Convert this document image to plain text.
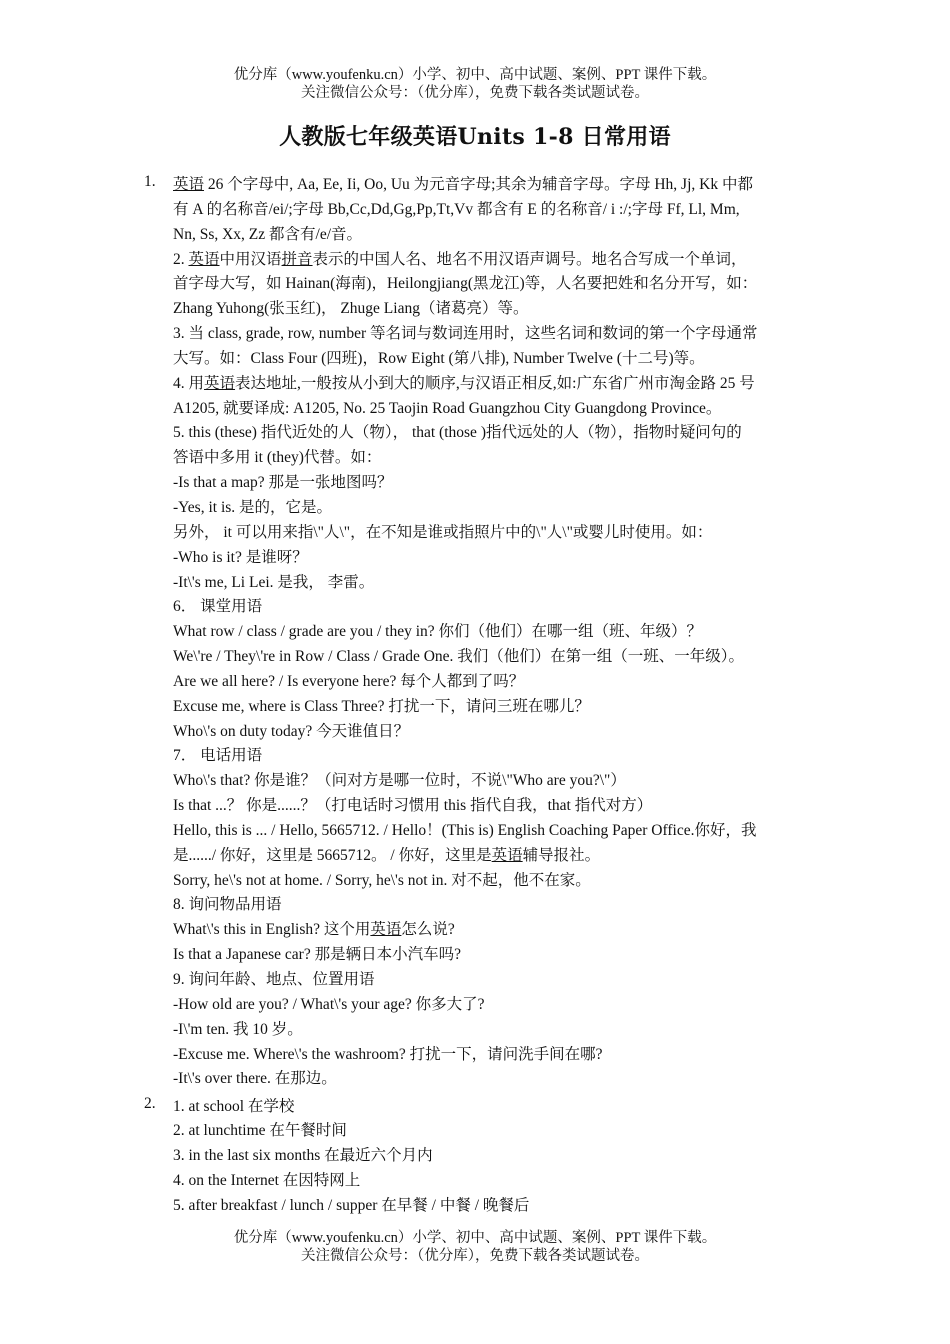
优分库（www.youfenku.cn）小学、初中、高中试题、案例、PPT 课件下载。
关注微信公众号：（优分库），免费下载各类试题试卷。
人教版七年级英语Units 1-8 日常用语
1.	英语 26 个字母中, Aa, Ee, Ii, Oo, Uu 为元音字母;其余为辅音字母。字母 Hh, Jj, Kk 中都
有 A 的名称音/ei/;字母 Bb,Cc,Dd,Gg,Pp,Tt,Vv 都含有 E 的名称音/ i :/;字母 Ff, Ll, Mm,
Nn, Ss, Xx, Zz 都含有/e/音。
2. 英语中用汉语拼音表示的中国人名、地名不用汉语声调号。地名合写成一个单词，
首字母大写，如 Hainan(海南)，Heilongjiang(黑龙江)等，人名要把姓和名分开写，如：
Zhang Yuhong(张玉红)， Zhuge Liang（诸葛亮）等。
3. 当 class, grade, row, number 等名词与数词连用时，这些名词和数词的第一个字母通常
大写。如：Class Four (四班)，Row Eight (第八排), Number Twelve (十二号)等。
4. 用英语表达地址,一般按从小到大的顺序,与汉语正相反,如:广东省广州市淘金路 25 号
A1205, 就要译成: A1205, No. 25 Taojin Road Guangzhou City Guangdong Province。
5. this (these) 指代近处的人（物）， that (those )指代远处的人（物），指物时疑问句的
答语中多用 it (they)代替。如：
-Is that a map? 那是一张地图吗？
-Yes, it is. 是的，它是。
另外， it 可以用来指\"人\"，在不知是谁或指照片中的\"人\"或婴儿时使用。如：
-Who is it? 是谁呀？
-It\'s me, Li Lei. 是我， 李雷。
6． 课堂用语
What row / class / grade are you / they in? 你们（他们）在哪一组（班、年级）？
We\'re / They\'re in Row / Class / Grade One. 我们（他们）在第一组（一班、一年级）。
Are we all here? / Is everyone here? 每个人都到了吗？
Excuse me, where is Class Three? 打扰一下，请问三班在哪儿？
Who\'s on duty today? 今天谁值日？
7． 电话用语
Who\'s that? 你是谁？（问对方是哪一位时，不说\"Who are you?\"）
Is that ...？ 你是......？（打电话时习惯用 this 指代自我，that 指代对方）
Hello, this is ... / Hello, 5665712. / Hello！(This is) English Coaching Paper Office.你好，我
是....../ 你好，这里是 5665712。 / 你好，这里是英语辅导报社。
Sorry, he\'s not at home. / Sorry, he\'s not in. 对不起，他不在家。
8. 询问物品用语
What\'s this in English? 这个用英语怎么说?
Is that a Japanese car? 那是辆日本小汽车吗?
9. 询问年龄、地点、位置用语
-How old are you? / What\'s your age? 你多大了?
-I\'m ten. 我 10 岁。
-Excuse me. Where\'s the washroom? 打扰一下，请问洗手间在哪?
-It\'s over there. 在那边。
2.	1. at school 在学校
2. at lunchtime 在午餐时间
3. in the last six months 在最近六个月内
4. on the Internet 在因特网上
5. after breakfast / lunch / supper 在早餐 / 中餐 / 晚餐后
优分库（www.youfenku.cn）小学、初中、高中试题、案例、PPT 课件下载。
关注微信公众号：（优分库），免费下载各类试题试卷。
